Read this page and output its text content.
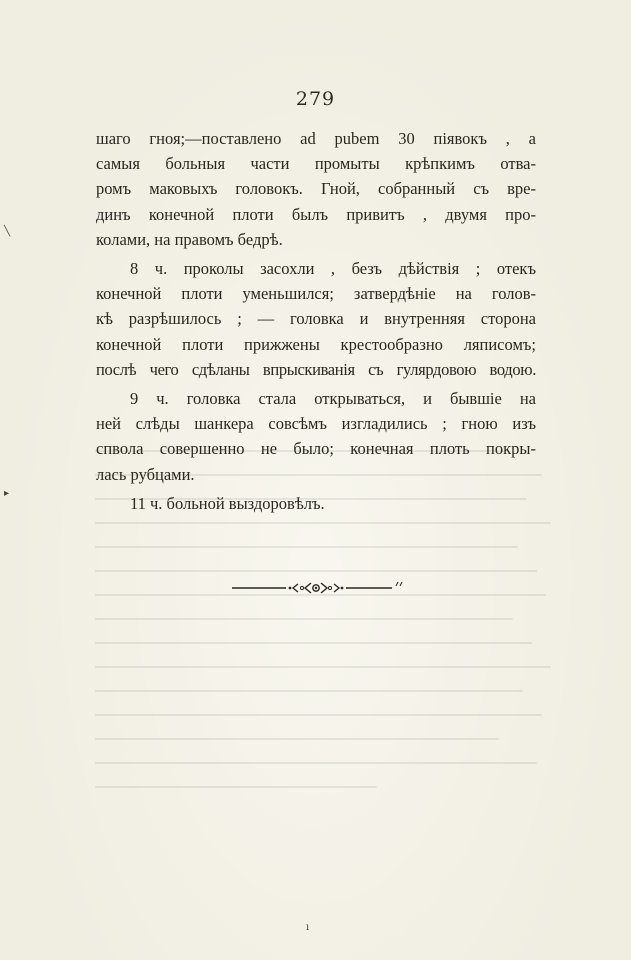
279

шаго гноя;—поставлено ad pubem 30 піявокъ , а
самыя больныя части промыты крѣпкимъ отва-
ромъ маковыхъ головокъ. Гной, собранный съ вре-
динъ конечной плоти былъ привитъ , двумя про-
колами, на правомъ бедрѣ.

8 ч. проколы засохли , безъ дѣйствія ; отекъ
конечной плоти уменьшился; затвердѣніе на голов-
кѣ разрѣшилось ; — головка и внутренняя сторона
конечной плоти прижжены крестообразно ляписомъ;
послѣ чего сдѣланы впрыскиванія съ гулярдовою водою.

9 ч. головка стала открываться, и бывшіе на
ней слѣды шанкера совсѣмъ изгладились ; гною изъ
спвола совершенно не было; конечная плоть покры-
лась рубцами.

11 ч. больной выздоровѣлъ.

╲
▸
ı
